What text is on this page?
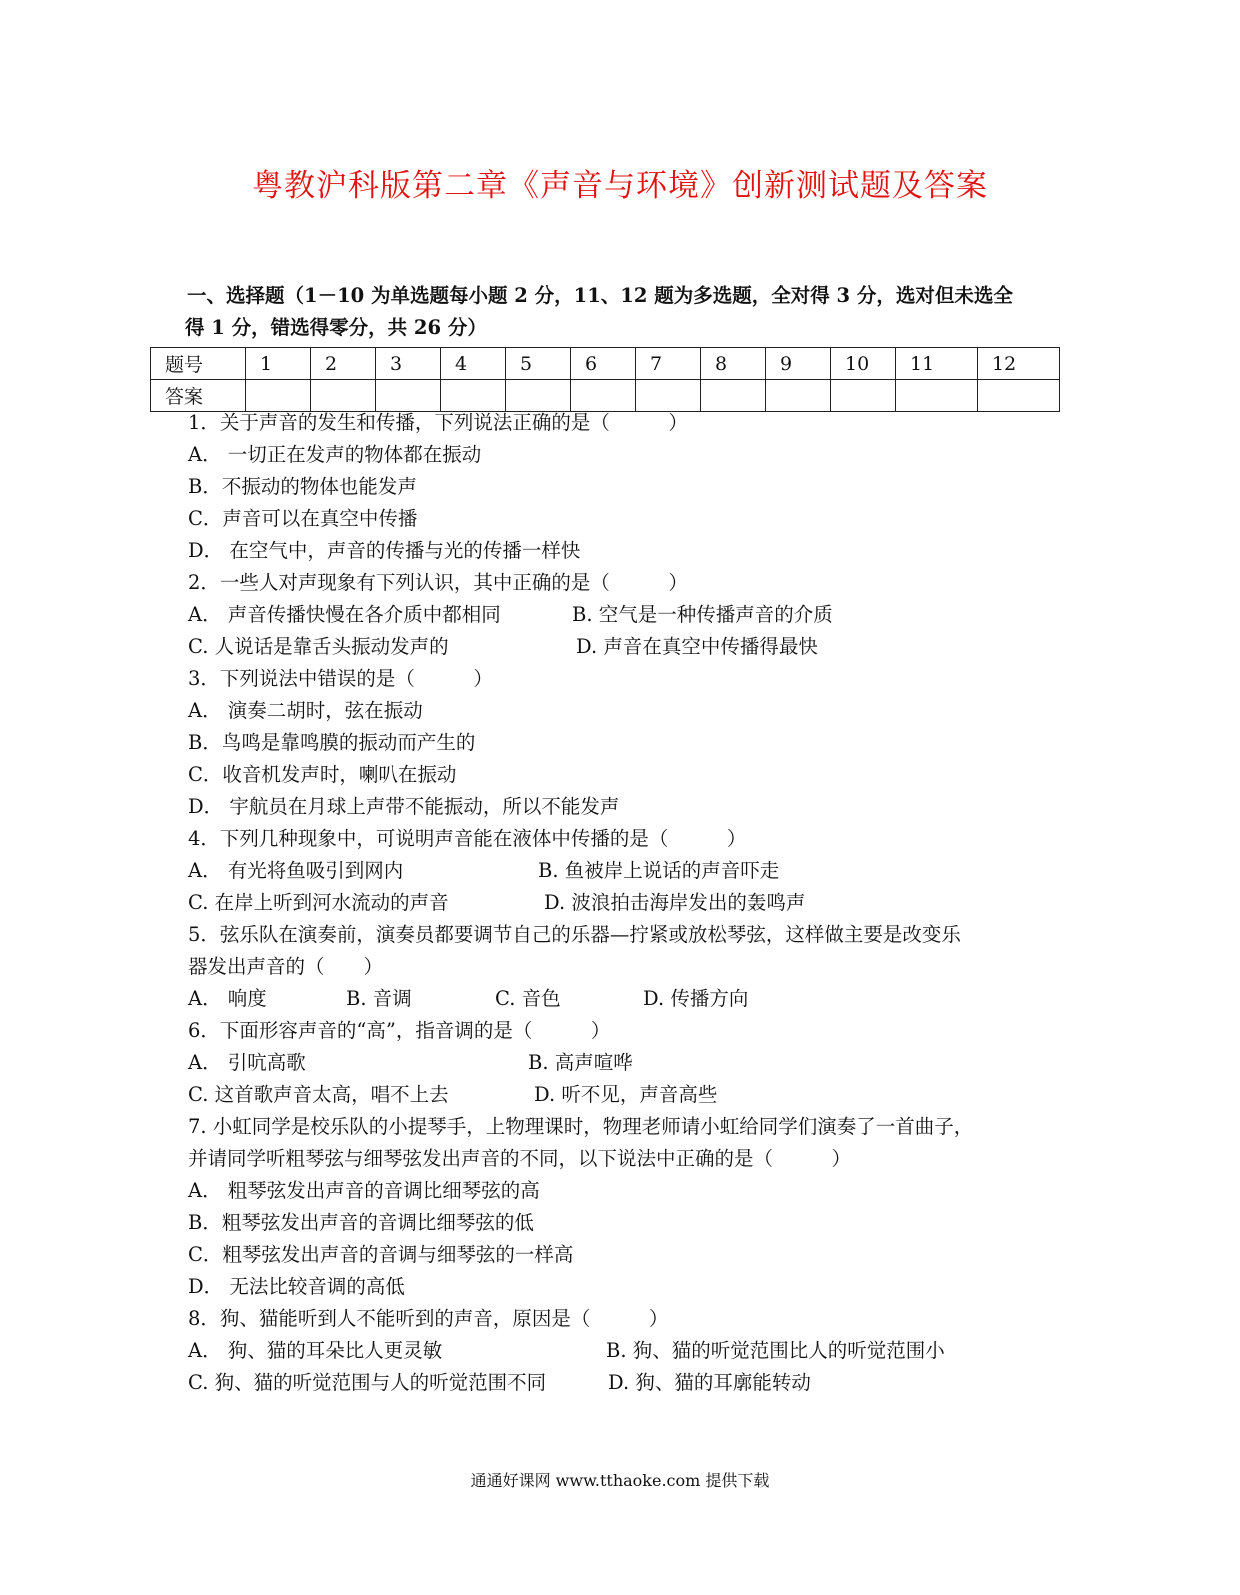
粤教沪科版第二章《声音与环境》创新测试题及答案
一、选择题（1－10 为单选题每小题 2 分，11、12 题为多选题，全对得 3 分，选对但未选全
得 1 分，错选得零分，共 26 分）
题号	1	2	3	4	5	6	7	8	9	10	11	12
答案												
1．关于声音的发生和传播，下列说法正确的是（　　　）
A． 一切正在发声的物体都在振动
B．不振动的物体也能发声
C．声音可以在真空中传播
D． 在空气中，声音的传播与光的传播一样快
2．一些人对声现象有下列认识，其中正确的是（　　　）
A． 声音传播快慢在各介质中都相同	B. 空气是一种传播声音的介质
C. 人说话是靠舌头振动发声的	D. 声音在真空中传播得最快
3．下列说法中错误的是（　　　）
A． 演奏二胡时，弦在振动
B．鸟鸣是靠鸣膜的振动而产生的
C．收音机发声时，喇叭在振动
D． 宇航员在月球上声带不能振动，所以不能发声
4．下列几种现象中，可说明声音能在液体中传播的是（　　　）
A． 有光将鱼吸引到网内	B. 鱼被岸上说话的声音吓走
C. 在岸上听到河水流动的声音	D. 波浪拍击海岸发出的轰鸣声
5．弦乐队在演奏前，演奏员都要调节自己的乐器—拧紧或放松琴弦，这样做主要是改变乐
器发出声音的（　　）
A． 响度	B. 音调	C. 音色	D. 传播方向
6．下面形容声音的“高”，指音调的是（　　　）
A． 引吭高歌	B. 高声喧哗
C. 这首歌声音太高，唱不上去	D. 听不见，声音高些
7. 小虹同学是校乐队的小提琴手，上物理课时，物理老师请小虹给同学们演奏了一首曲子，
并请同学听粗琴弦与细琴弦发出声音的不同，以下说法中正确的是（　　　）
A． 粗琴弦发出声音的音调比细琴弦的高
B．粗琴弦发出声音的音调比细琴弦的低
C．粗琴弦发出声音的音调与细琴弦的一样高
D． 无法比较音调的高低
8．狗、猫能听到人不能听到的声音，原因是（　　　）
A． 狗、猫的耳朵比人更灵敏	B. 狗、猫的听觉范围比人的听觉范围小
C. 狗、猫的听觉范围与人的听觉范围不同	D. 狗、猫的耳廓能转动
通通好课网 www.tthaoke.com 提供下载
